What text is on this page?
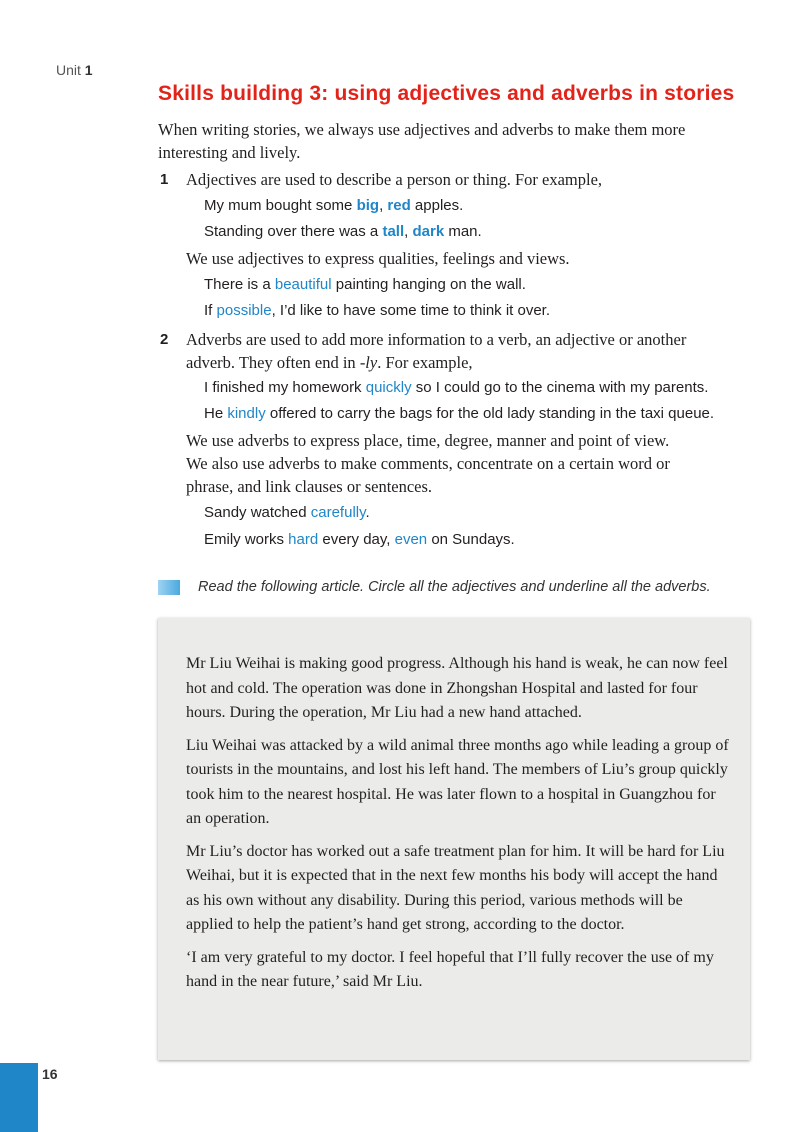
Unit 1
Skills building 3: using adjectives and adverbs in stories

When writing stories, we always use adjectives and adverbs to make them more

interesting and lively.

1 Adjectives are used to describe a person or thing. For example,

My mum bought some big, red apples.

Standing over there was a tall, dark man.

We use adjectives to express qualities, feelings and views.

There is a beautiful painting hanging on the wall.

If possible, I’d like to have some time to think it over.

2 Adverbs are used to add more information to a verb, an adjective or another

adverb. They often end in -ly. For example,

I finished my homework quickly so I could go to the cinema with my parents.

He kindly offered to carry the bags for the old lady standing in the taxi queue.

We use adverbs to express place, time, degree, manner and point of view.

We also use adverbs to make comments, concentrate on a certain word or

phrase, and link clauses or sentences.

Sandy watched carefully.

Emily works hard every day, even on Sundays.

Read the following article. Circle all the adjectives and underline all the adverbs.

Mr Liu Weihai is making good progress. Although his hand is weak, he can now feel hot and cold. The operation was done in Zhongshan Hospital and lasted for four hours. During the operation, Mr Liu had a new hand attached.

Liu Weihai was attacked by a wild animal three months ago while leading a group of tourists in the mountains, and lost his left hand. The members of Liu’s group quickly took him to the nearest hospital. He was later flown to a hospital in Guangzhou for an operation.

Mr Liu’s doctor has worked out a safe treatment plan for him. It will be hard for Liu Weihai, but it is expected that in the next few months his body will accept the hand as his own without any disability. During this period, various methods will be applied to help the patient’s hand get strong, according to the doctor.

‘I am very grateful to my doctor. I feel hopeful that I’ll fully recover the use of my hand in the near future,’ said Mr Liu.

16
